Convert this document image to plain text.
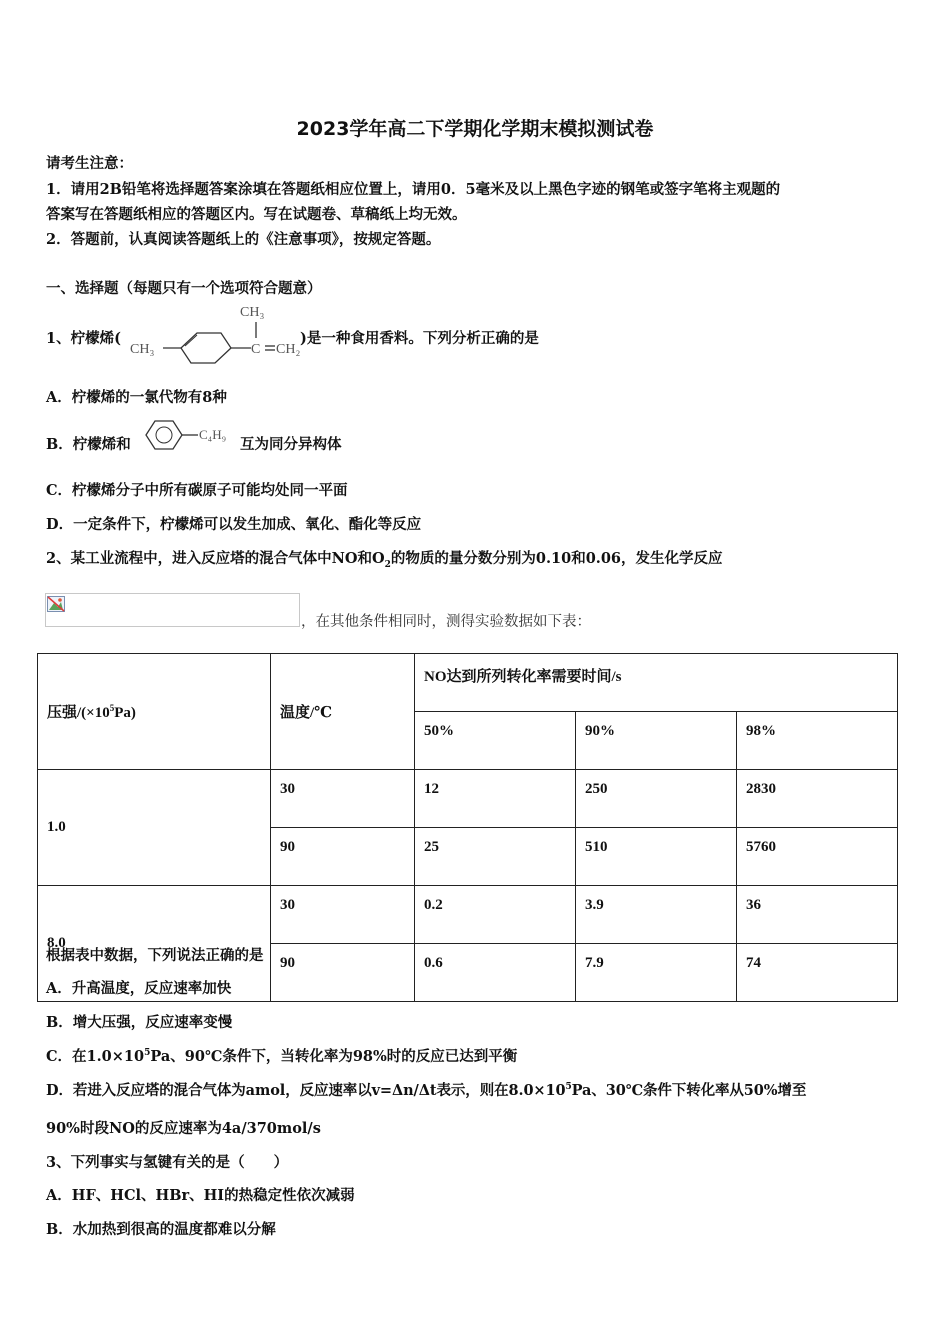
2023学年高二下学期化学期末模拟测试卷
请考生注意：
1．请用2B铅笔将选择题答案涂填在答题纸相应位置上，请用0．5毫米及以上黑色字迹的钢笔或签字笔将主观题的
答案写在答题纸相应的答题区内。写在试题卷、草稿纸上均无效。
2．答题前，认真阅读答题纸上的《注意事项》，按规定答题。
一、选择题（每题只有一个选项符合题意）
1、柠檬烯(
CH₃	C
CH₃
CH₂
)是一种食用香料。下列分析正确的是
A．柠檬烯的一氯代物有8种
B．柠檬烯和
C₄H₉
互为同分异构体
C．柠檬烯分子中所有碳原子可能均处同一平面
D．一定条件下，柠檬烯可以发生加成、氧化、酯化等反应
2、某工业流程中，进入反应塔的混合气体中NO和$O_2$的物质的量分数分别为0.10和0.06，发生化学反应
，在其他条件相同时，测得实验数据如下表：
压强$/(\times 10^5Pa)$	温度/℃	NO达到所列转化率需要时间/s		
		50%	90%	98%
1.0	30	12	250	2830
	90	25	510	5760
8.0	30	0.2	3.9	36
	90	0.6	7.9	74
根据表中数据，下列说法正确的是
A．升高温度，反应速率加快
B．增大压强，反应速率变慢
C．在$1.0\times 10^5Pa$、90℃条件下，当转化率为98%时的反应已达到平衡
D．若进入反应塔的混合气体为amol，反应速率以v=Δn/Δt表示，则在$8.0\times 10^5Pa$、30℃条件下转化率从50%增至
90%时段NO的反应速率为4a/370mol/s
3、下列事实与氢键有关的是（　　）
A．HF、HCl、HBr、HI的热稳定性依次减弱
B．水加热到很高的温度都难以分解
